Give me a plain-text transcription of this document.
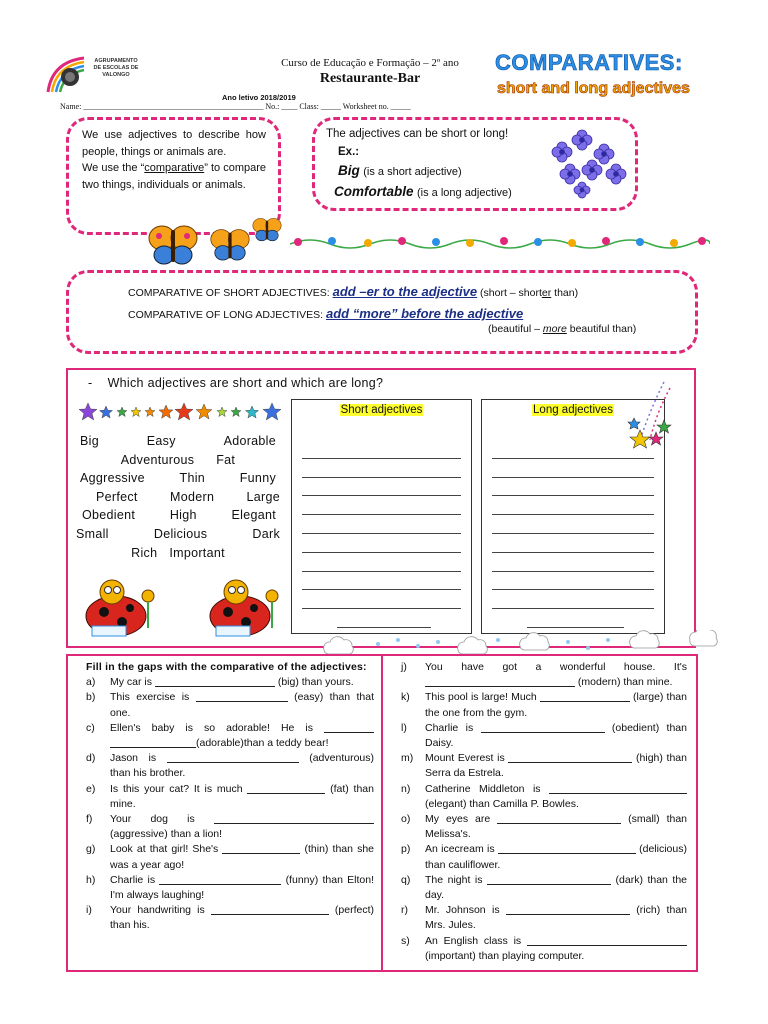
AGRUPAMENTO
DE ESCOLAS DE
VALONGO
Curso de Educação e Formação – 2º ano
Restaurante-Bar
Ano letivo 2018/2019
Name: _____________________________________________ No.: ____ Class: _____ Worksheet no. _____
COMPARATIVES:
short and long adjectives
We use adjectives to describe how people, things or animals are.
We use the “comparative” to compare two things, individuals or animals.
The adjectives can be short or long!
Ex.:
Big (is a short adjective)
Comfortable (is a long adjective)
COMPARATIVE OF SHORT ADJECTIVES: add –er to the adjective (short – shorter than)
COMPARATIVE OF LONG ADJECTIVES: add “more” before the adjective
(beautiful – more beautiful than)
- Which adjectives are short and which are long?
Big	Easy	Adorable
Adventurous Fat
Aggressive	Thin	Funny
Perfect	Modern	Large
Obedient	High	Elegant
Small	Delicious	Dark
Rich Important
Short adjectives	Long adjectives
Fill in the gaps with the comparative of the adjectives:
a)	My car is	(big) than yours.
b)	This exercise is	(easy) than that one.
c)	Ellen's baby is so adorable! He is  (adorable)than a teddy bear!
d)	Jason is	(adventurous) than his brother.
e)	Is this your cat? It is much	(fat) than mine.
f)	Your dog is  (aggressive) than a lion!
g)	Look at that girl! She's	(thin) than she was a year ago!
h)	Charlie is	(funny) than Elton! I'm always laughing!
i)	Your handwriting is	(perfect) than his.
j)	You have got a wonderful house. It's  (modern) than mine.
k)	This pool is large! Much	(large) than the one from the gym.
l)	Charlie is	(obedient) than Daisy.
m)	Mount Everest is	(high) than Serra da Estrela.
n)	Catherine Middleton is  (elegant) than Camilla P. Bowles.
o)	My eyes are	(small) than Melissa's.
p)	An icecream is	(delicious) than cauliflower.
q)	The night is	(dark) than the day.
r)	Mr. Johnson is	(rich) than Mrs. Jules.
s)	An English class is  (important) than playing computer.
